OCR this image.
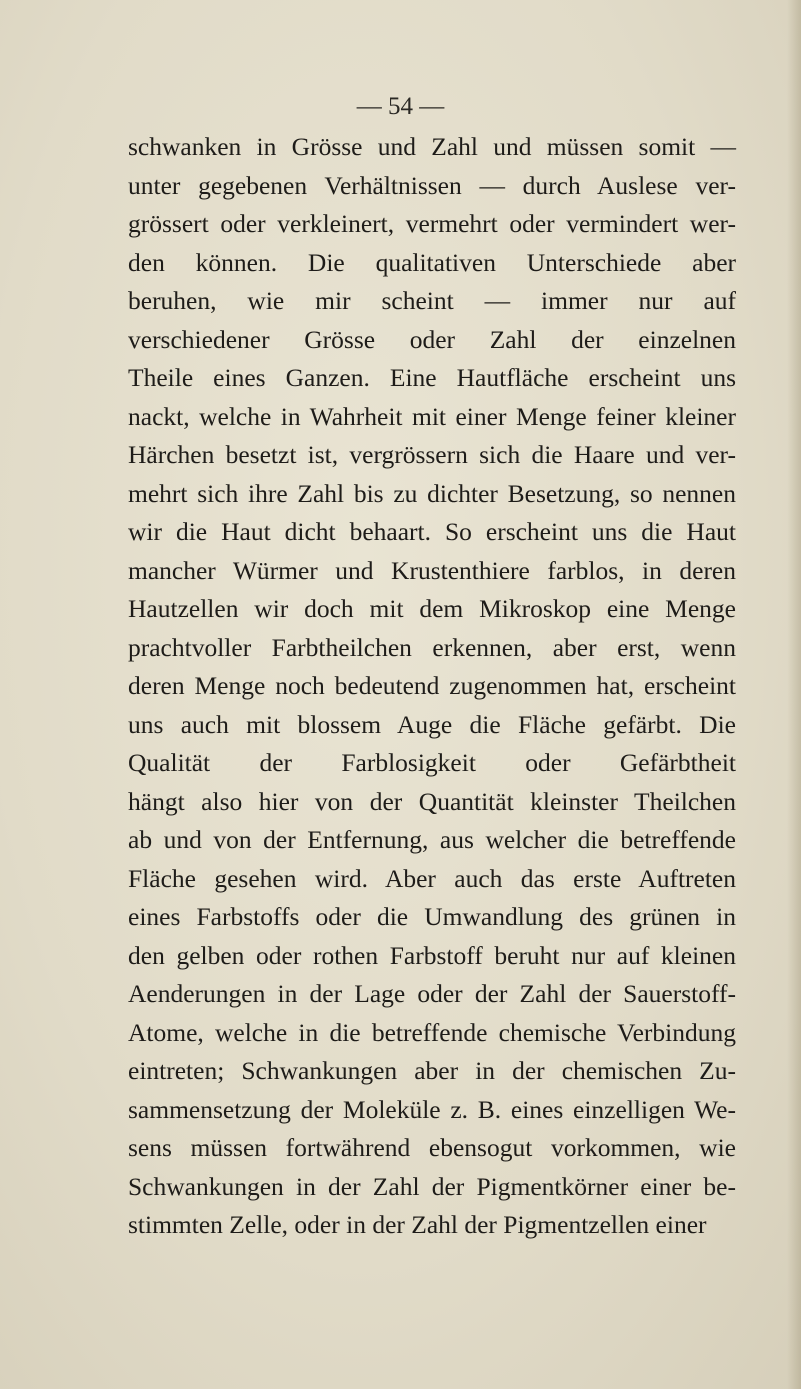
— 54 —
schwanken in Grösse und Zahl und müssen somit —
unter gegebenen Verhältnissen — durch Auslese ver-
grössert oder verkleinert, vermehrt oder vermindert wer-
den können. Die qualitativen Unterschiede aber
beruhen, wie mir scheint — immer nur auf
verschiedener Grösse oder Zahl der einzelnen
Theile eines Ganzen. Eine Hautfläche erscheint uns
nackt, welche in Wahrheit mit einer Menge feiner kleiner
Härchen besetzt ist, vergrössern sich die Haare und ver-
mehrt sich ihre Zahl bis zu dichter Besetzung, so nennen
wir die Haut dicht behaart. So erscheint uns die Haut
mancher Würmer und Krustenthiere farblos, in deren
Hautzellen wir doch mit dem Mikroskop eine Menge
prachtvoller Farbtheilchen erkennen, aber erst, wenn
deren Menge noch bedeutend zugenommen hat, erscheint
uns auch mit blossem Auge die Fläche gefärbt. Die
Qualität der Farblosigkeit oder Gefärbtheit
hängt also hier von der Quantität kleinster Theilchen
ab und von der Entfernung, aus welcher die betreffende
Fläche gesehen wird. Aber auch das erste Auftreten
eines Farbstoffs oder die Umwandlung des grünen in
den gelben oder rothen Farbstoff beruht nur auf kleinen
Aenderungen in der Lage oder der Zahl der Sauerstoff-
Atome, welche in die betreffende chemische Verbindung
eintreten; Schwankungen aber in der chemischen Zu-
sammensetzung der Moleküle z. B. eines einzelligen We-
sens müssen fortwährend ebensogut vorkommen, wie
Schwankungen in der Zahl der Pigmentkörner einer be-
stimmten Zelle, oder in der Zahl der Pigmentzellen einer
